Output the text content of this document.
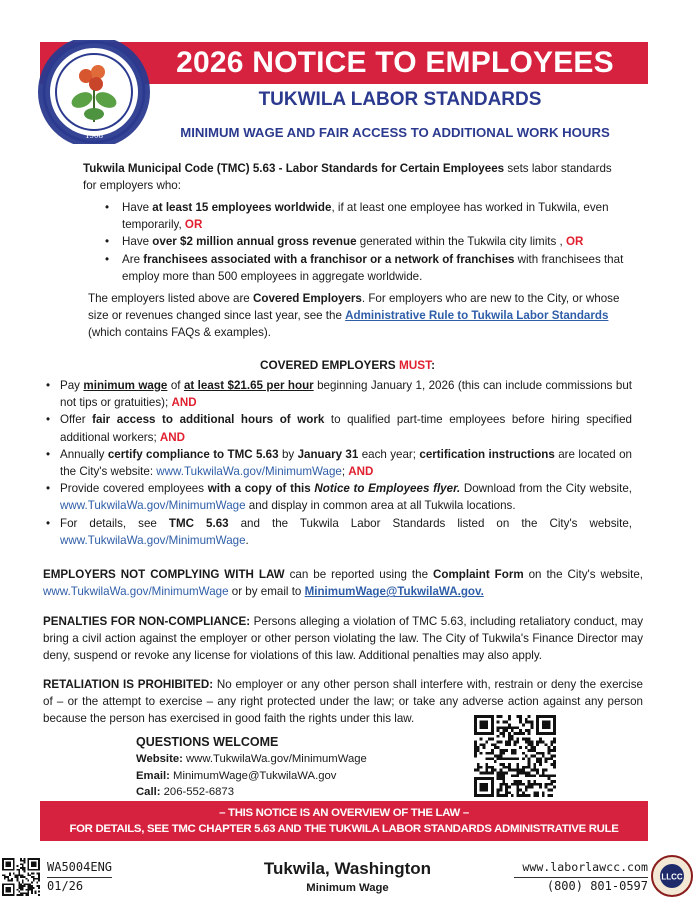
2026 NOTICE TO EMPLOYEES
TUKWILA LABOR STANDARDS
MINIMUM WAGE AND FAIR ACCESS TO ADDITIONAL WORK HOURS
1908
Tukwila Municipal Code (TMC) 5.63 - Labor Standards for Certain Employees sets labor standards for employers who:
• Have at least 15 employees worldwide, if at least one employee has worked in Tukwila, even temporarily, OR
• Have over $2 million annual gross revenue generated within the Tukwila city limits , OR
• Are franchisees associated with a franchisor or a network of franchises with franchisees that employ more than 500 employees in aggregate worldwide.
The employers listed above are Covered Employers. For employers who are new to the City, or whose size or revenues changed since last year, see the Administrative Rule to Tukwila Labor Standards (which contains FAQs & examples).
COVERED EMPLOYERS MUST:
• Pay minimum wage of at least $21.65 per hour beginning January 1, 2026 (this can include commissions but not tips or gratuities); AND
• Offer fair access to additional hours of work to qualified part-time employees before hiring specified additional workers; AND
• Annually certify compliance to TMC 5.63 by January 31 each year; certification instructions are located on the City's website: www.TukwilaWa.gov/MinimumWage; AND
• Provide covered employees with a copy of this Notice to Employees flyer. Download from the City website, www.TukwilaWa.gov/MinimumWage and display in common area at all Tukwila locations.
• For details, see TMC 5.63 and the Tukwila Labor Standards listed on the City's website, www.TukwilaWa.gov/MinimumWage.
EMPLOYERS NOT COMPLYING WITH LAW can be reported using the Complaint Form on the City's website, www.TukwilaWa.gov/MinimumWage or by email to MinimumWage@TukwilaWA.gov.
PENALTIES FOR NON-COMPLIANCE: Persons alleging a violation of TMC 5.63, including retaliatory conduct, may bring a civil action against the employer or other person violating the law. The City of Tukwila's Finance Director may deny, suspend or revoke any license for violations of this law. Additional penalties may also apply.
RETALIATION IS PROHIBITED: No employer or any other person shall interfere with, restrain or deny the exercise of – or the attempt to exercise – any right protected under the law; or take any adverse action against any person because the person has exercised in good faith the rights under this law.
QUESTIONS WELCOME
Website: www.TukwilaWa.gov/MinimumWage
Email: MinimumWage@TukwilaWA.gov
Call: 206-552-6873
– THIS NOTICE IS AN OVERVIEW OF THE LAW –
FOR DETAILS, SEE TMC CHAPTER 5.63 AND THE TUKWILA LABOR STANDARDS ADMINISTRATIVE RULE
WA5004ENG
01/26
Tukwila, Washington
Minimum Wage
www.laborlawcc.com
(800) 801-0597
LLCC
